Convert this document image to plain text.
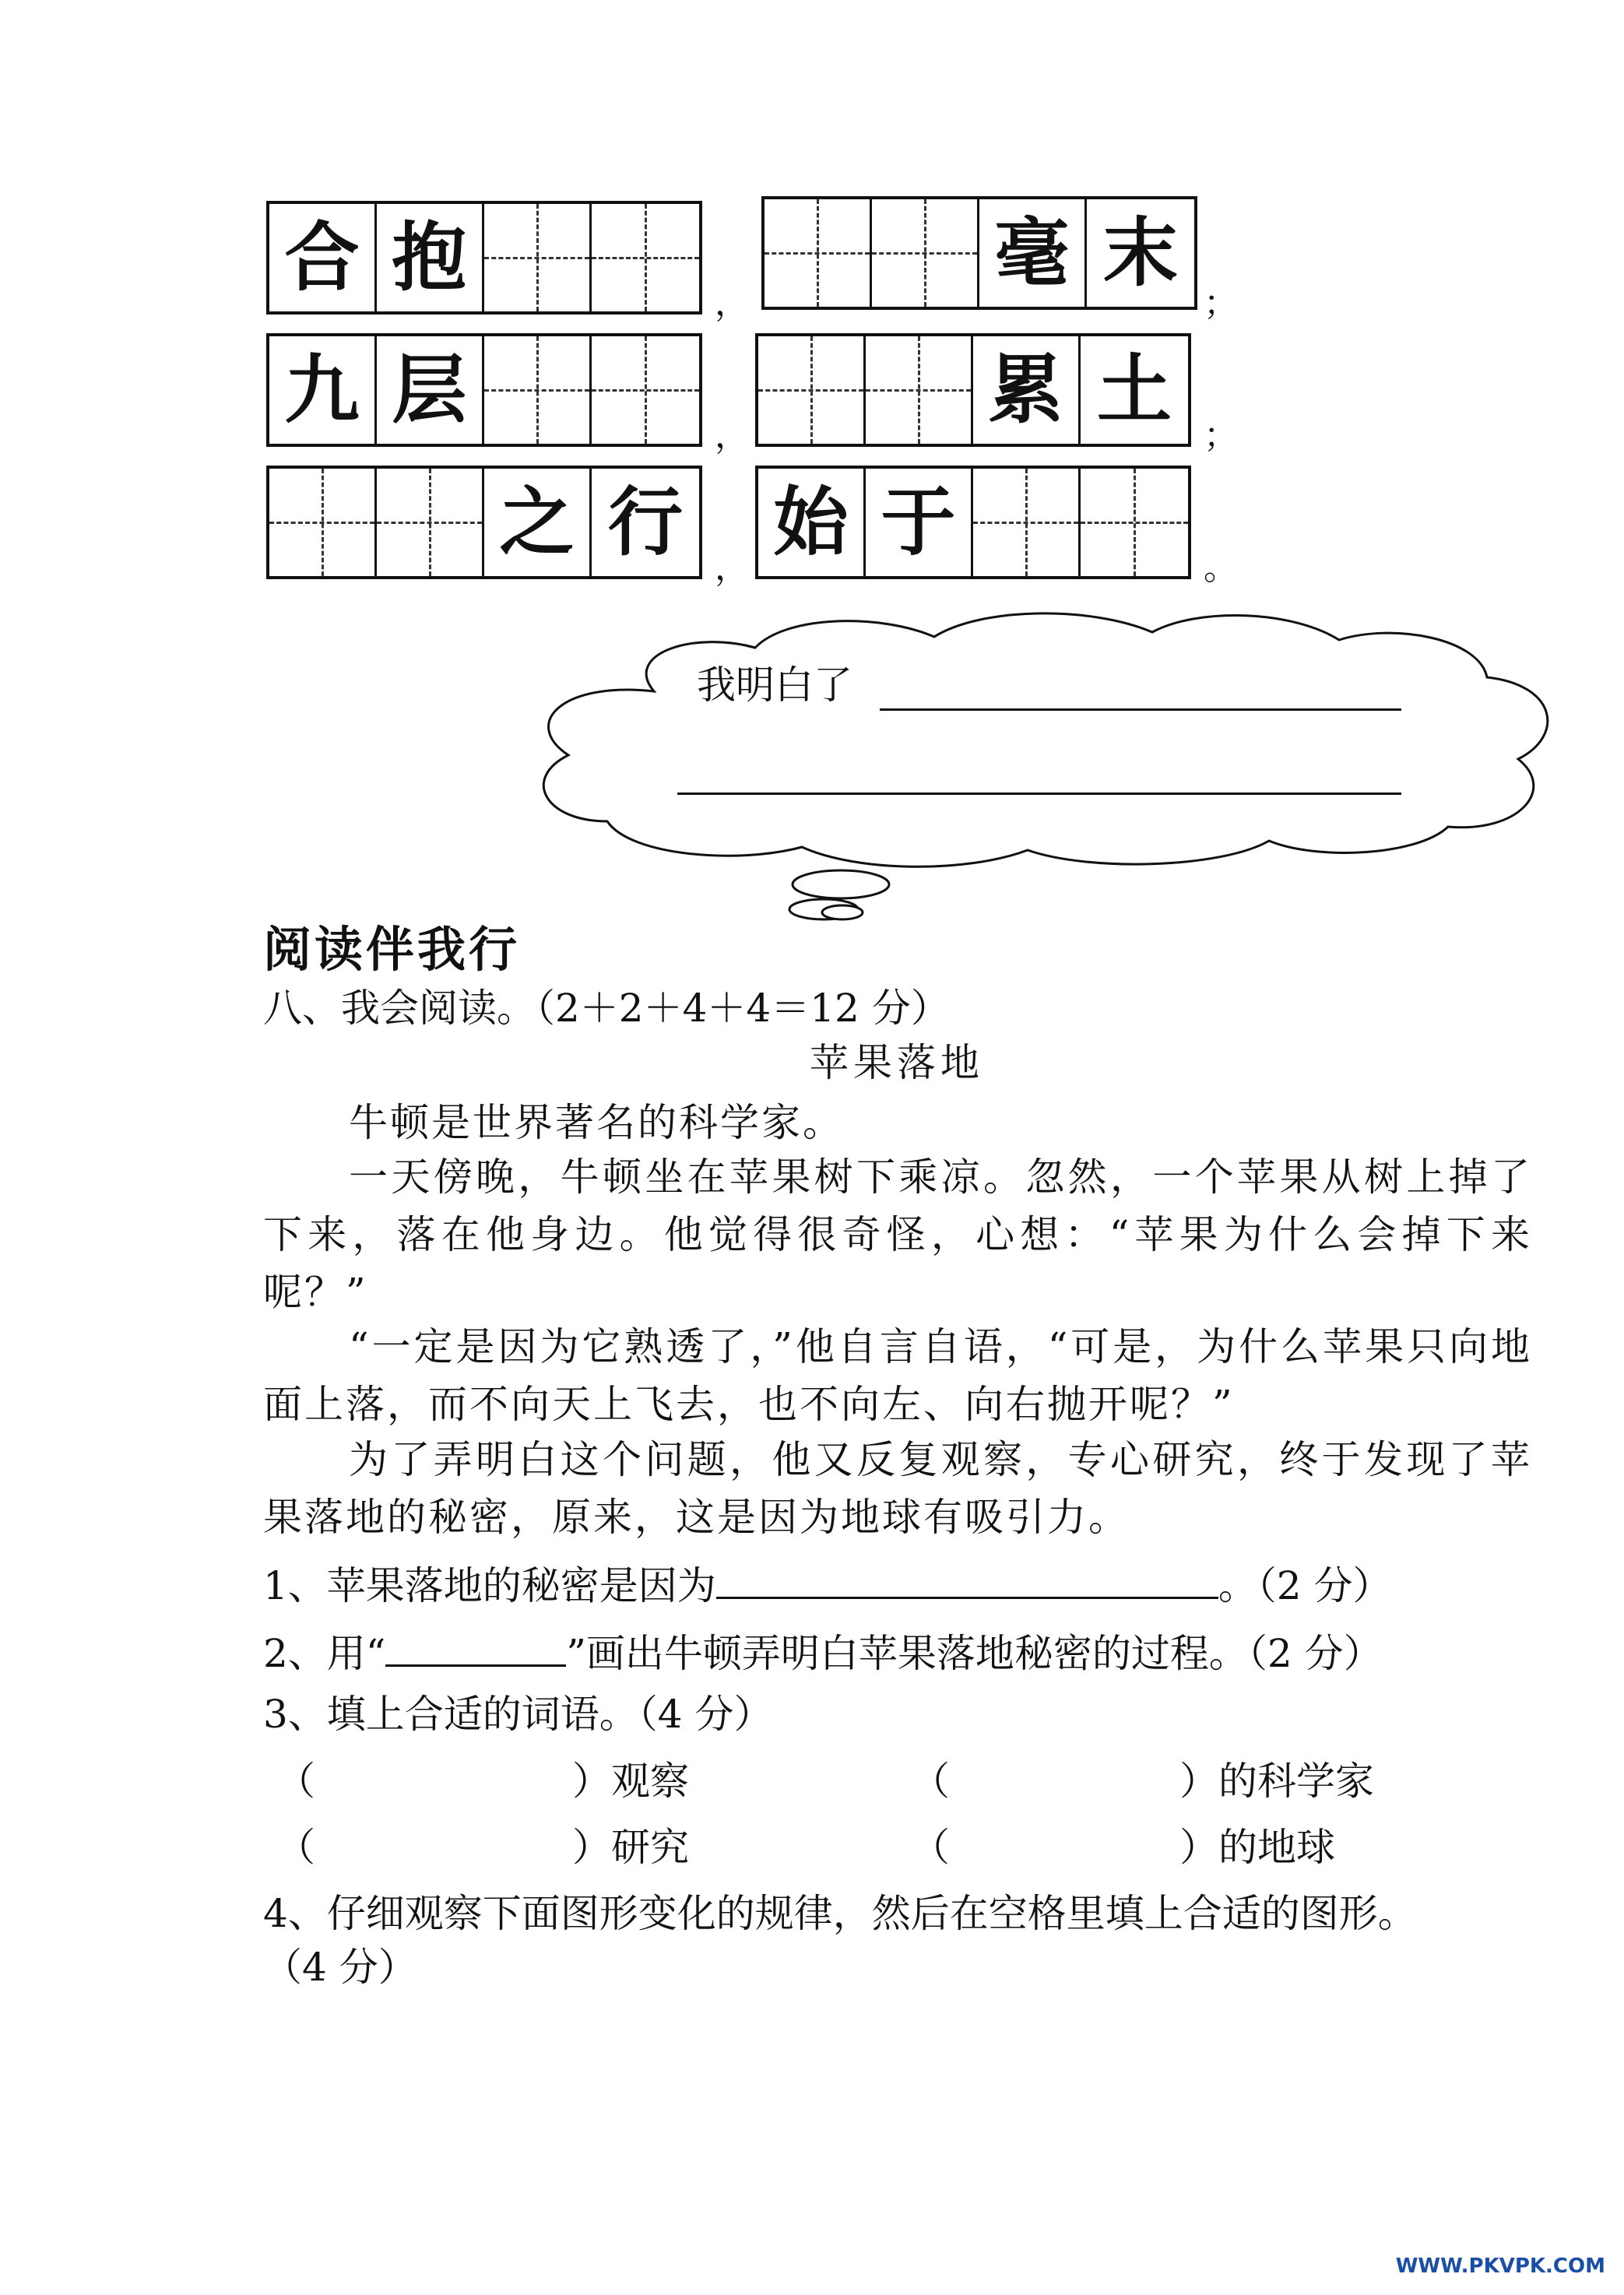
合 抱
，
毫 末
；
九 层
，
累 土
；
之 行
，
始 于
。
我明白了
阅读伴我行
八、我会阅读。（2＋2＋4＋4＝12 分）
苹果落地
牛顿是世界著名的科学家。
一天傍晚，牛顿坐在苹果树下乘凉。忽然，一个苹果从树上掉了下来，落在他身边。他觉得很奇怪，心想：“苹果为什么会掉下来呢？”
“一定是因为它熟透了，”他自言自语，“可是，为什么苹果只向地面上落，而不向天上飞去，也不向左、向右抛开呢？”
为了弄明白这个问题，他又反复观察，专心研究，终于发现了苹果落地的秘密，原来，这是因为地球有吸引力。
1、苹果落地的秘密是因为	。（2 分）
2、用“	”画出牛顿弄明白苹果落地秘密的过程。（2 分）
3、填上合适的词语。（4 分）
（	） 观察	（	） 的科学家
（	） 研究	（	） 的地球
4、仔细观察下面图形变化的规律，然后在空格里填上合适的图形。
（4 分）
WWW.PKVPK.COM
